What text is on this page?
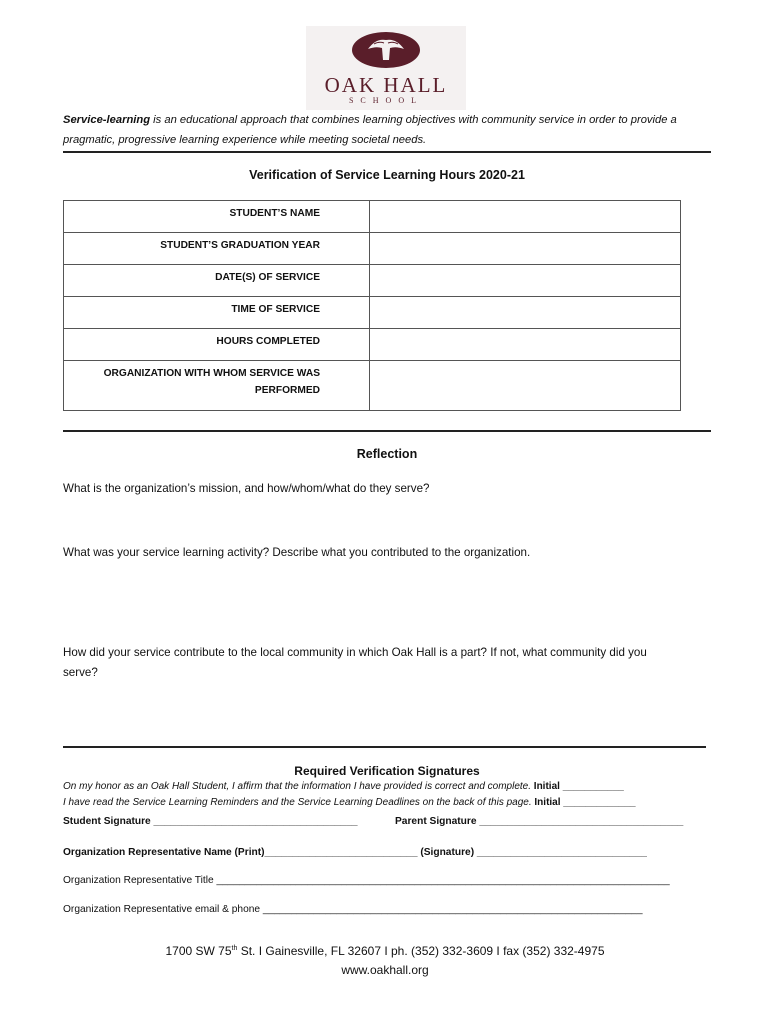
OAK HALL
SCHOOL
Service-learning is an educational approach that combines learning objectives with community service in order to provide a pragmatic, progressive learning experience while meeting societal needs.
Verification of Service Learning Hours 2020-21
STUDENT’S NAME	
STUDENT’S GRADUATION YEAR	
DATE(S) OF SERVICE	
TIME OF SERVICE	
HOURS COMPLETED	
ORGANIZATION WITH WHOM SERVICE WAS PERFORMED	
Reflection
What is the organization’s mission, and how/whom/what do they serve?
What was your service learning activity? Describe what you contributed to the organization.
How did your service contribute to the local community in which Oak Hall is a part? If not, what community did you serve?
Required Verification Signatures
On my honor as an Oak Hall Student, I affirm that the information I have provided is correct and complete. Initial ___________
I have read the Service Learning Reminders and the Service Learning Deadlines on the back of this page. Initial _____________
Student Signature ____________________________________	Parent Signature ____________________________________
Organization Representative Name (Print)___________________________ (Signature) ______________________________
Organization Representative Title ________________________________________________________________________________
Organization Representative email & phone ___________________________________________________________________
1700 SW 75th St. I Gainesville, FL 32607 I ph. (352) 332-3609 I fax (352) 332-4975
www.oakhall.org
